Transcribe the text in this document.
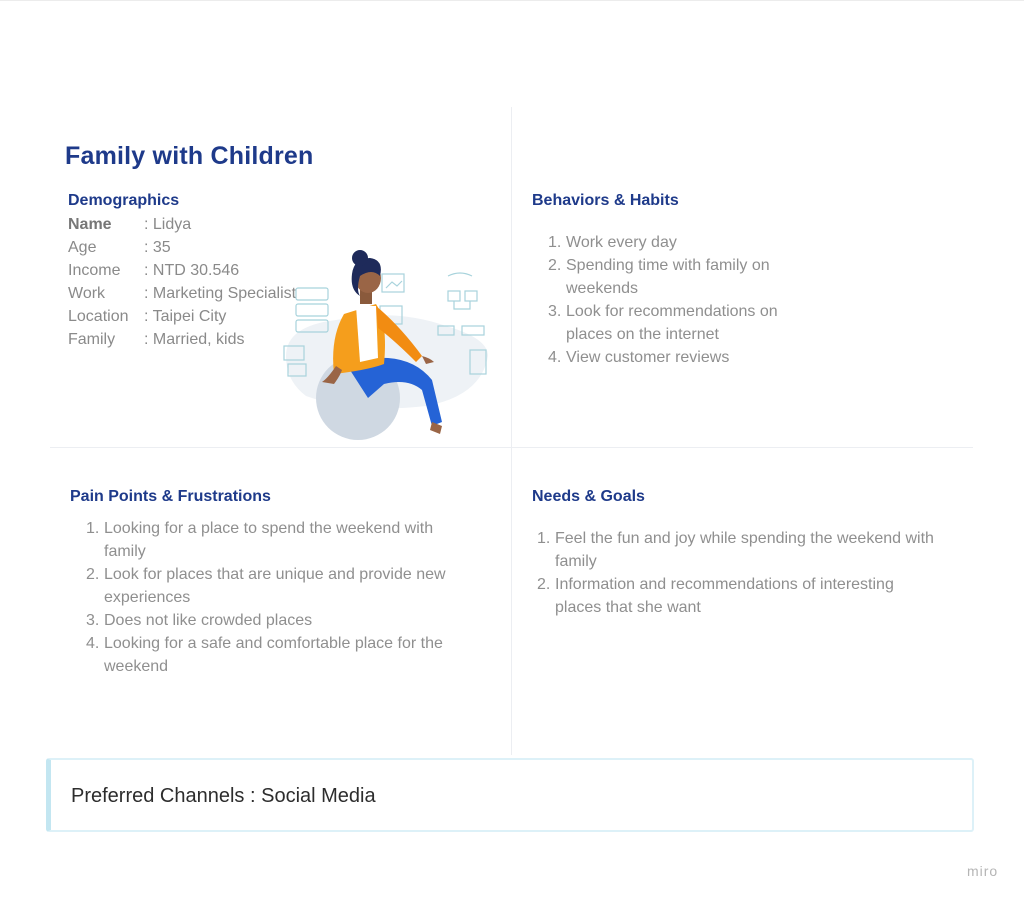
Family with Children
Demographics
Name : Lidya
Age	: 35
Income : NTD 30.546
Work : Marketing Specialist
Location : Taipei City
Family : Married, kids
Behaviors & Habits
1. Work every day
2. Spending time with family on weekends
3. Look for recommendations on places on the internet
4. View customer reviews
Pain Points & Frustrations
1. Looking for a place to spend the weekend with family
2. Look for places that are unique and provide new experiences
3. Does not like crowded places
4. Looking for a safe and comfortable place for the weekend
Needs & Goals
1. Feel the fun and joy while spending the weekend with family
2. Information and recommendations of interesting places that she want
Preferred Channels : Social Media
miro
